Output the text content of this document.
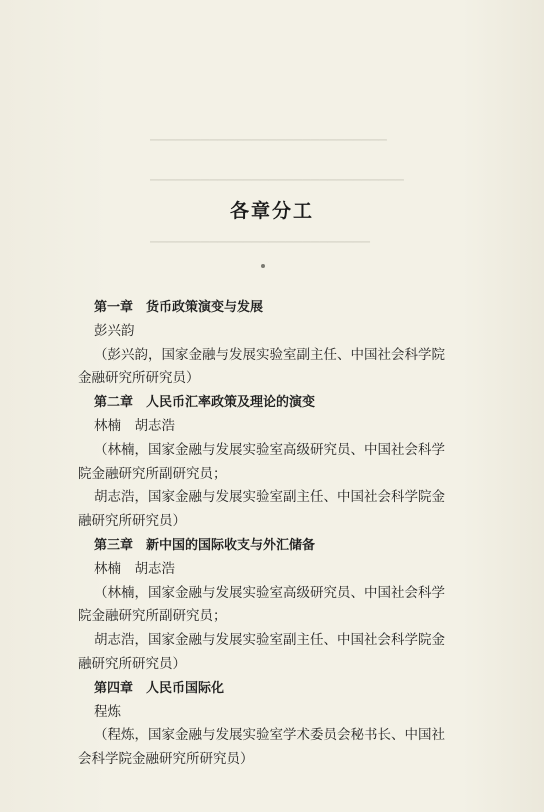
▁▁▁▁▁▁▁▁▁▁▁▁▁▁▁▁▁▁▁▁▁▁▁▁▁▁▁▁
▁▁▁▁▁▁▁▁▁▁▁▁▁▁▁▁▁▁▁▁▁▁▁▁▁▁▁▁▁▁
▁▁▁▁▁▁▁▁▁▁▁▁▁▁▁▁▁▁▁▁▁▁▁▁▁▁
各章分工
第一章　货币政策演变与发展
彭兴韵
（彭兴韵，国家金融与发展实验室副主任、中国社会科学院
金融研究所研究员）
第二章　人民币汇率政策及理论的演变
林楠　胡志浩
（林楠，国家金融与发展实验室高级研究员、中国社会科学
院金融研究所副研究员；
胡志浩，国家金融与发展实验室副主任、中国社会科学院金
融研究所研究员）
第三章　新中国的国际收支与外汇储备
林楠　胡志浩
（林楠，国家金融与发展实验室高级研究员、中国社会科学
院金融研究所副研究员；
胡志浩，国家金融与发展实验室副主任、中国社会科学院金
融研究所研究员）
第四章　人民币国际化
程炼
（程炼，国家金融与发展实验室学术委员会秘书长、中国社
会科学院金融研究所研究员）
